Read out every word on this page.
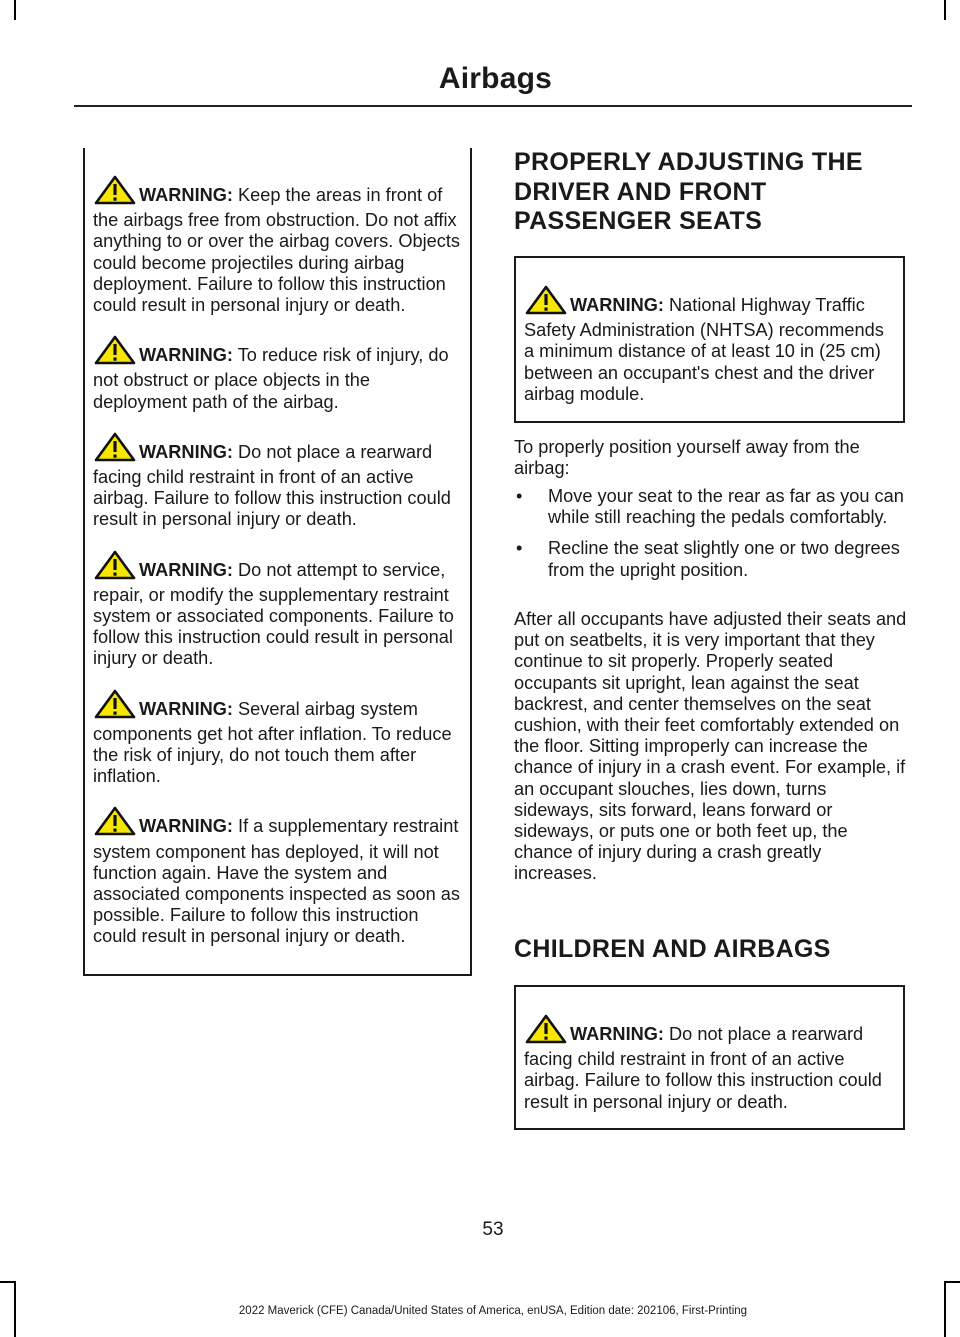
Airbags

WARNING: Keep the areas in front of the airbags free from obstruction. Do not affix anything to or over the airbag covers. Objects could become projectiles during airbag deployment. Failure to follow this instruction could result in personal injury or death.

WARNING: To reduce risk of injury, do not obstruct or place objects in the deployment path of the airbag.

WARNING: Do not place a rearward facing child restraint in front of an active airbag. Failure to follow this instruction could result in personal injury or death.

WARNING: Do not attempt to service, repair, or modify the supplementary restraint system or associated components. Failure to follow this instruction could result in personal injury or death.

WARNING: Several airbag system components get hot after inflation. To reduce the risk of injury, do not touch them after inflation.

WARNING: If a supplementary restraint system component has deployed, it will not function again. Have the system and associated components inspected as soon as possible. Failure to follow this instruction could result in personal injury or death.

PROPERLY ADJUSTING THE
DRIVER AND FRONT
PASSENGER SEATS

WARNING: National Highway Traffic Safety Administration (NHTSA) recommends a minimum distance of at least 10 in (25 cm) between an occupant's chest and the driver airbag module.

To properly position yourself away from the airbag:

• Move your seat to the rear as far as you can while still reaching the pedals comfortably.
• Recline the seat slightly one or two degrees from the upright position.

After all occupants have adjusted their seats and put on seatbelts, it is very important that they continue to sit properly. Properly seated occupants sit upright, lean against the seat backrest, and center themselves on the seat cushion, with their feet comfortably extended on the floor. Sitting improperly can increase the chance of injury in a crash event. For example, if an occupant slouches, lies down, turns sideways, sits forward, leans forward or sideways, or puts one or both feet up, the chance of injury during a crash greatly increases.

CHILDREN AND AIRBAGS

WARNING: Do not place a rearward facing child restraint in front of an active airbag. Failure to follow this instruction could result in personal injury or death.

53
2022 Maverick (CFE) Canada/United States of America, enUSA, Edition date: 202106, First-Printing
